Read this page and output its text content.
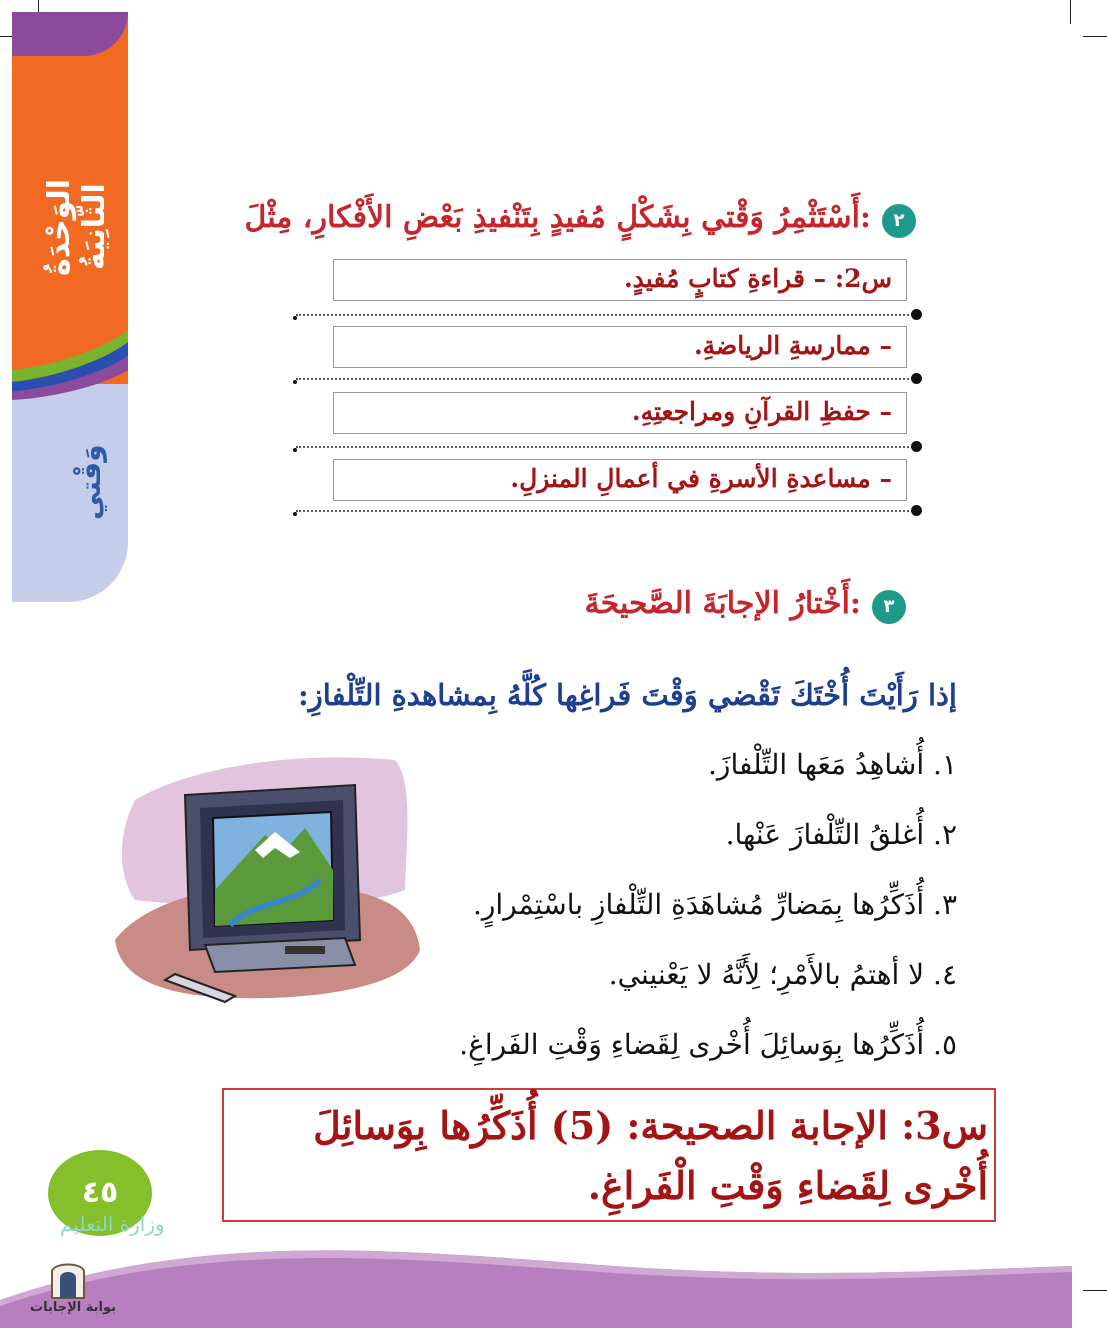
الوَحْدَةُ الثّانِيَةُ
وَقْتي
٢
أَسْتَثْمِرُ وَقْتي بِشَكْلٍ مُفيدٍ بِتَنْفيذِ بَعْضِ الأَفْكارِ، مِثْلَ:
س2: – قراءةِ كتابٍ مُفيدٍ.
– ممارسةِ الرياضةِ.
– حفظِ القرآنِ ومراجعتِهِ.
– مساعدةِ الأسرةِ في أعمالِ المنزلِ.
٣
أَخْتارُ الإجابَةَ الصَّحيحَةَ:
إذا رَأَيْتَ أُخْتَكَ تَقْضي وَقْتَ فَراغِها كُلَّهُ بِمشاهدةِ التِّلْفازِ:
١. أُشاهِدُ مَعَها التِّلْفازَ.
٢. أُغلقُ التِّلْفازَ عَنْها.
٣. أُذَكِّرُها بِمَضارِّ مُشاهَدَةِ التِّلْفازِ باسْتِمْرارٍ.
٤. لا أهتمُ بالأَمْرِ؛ لِأَنَّهُ لا يَعْنيني.
٥. أُذَكِّرُها بِوَسائِلَ أُخْرى لِقَضاءِ وَقْتِ الفَراغِ.
س3: الإجابة الصحيحة: (5) أُذَكِّرُها بِوَسائِلَ أُخْرى لِقَضاءِ وَقْتِ الْفَراغِ.
٤٥
وزارة التعليم
بوابة الإجابات
